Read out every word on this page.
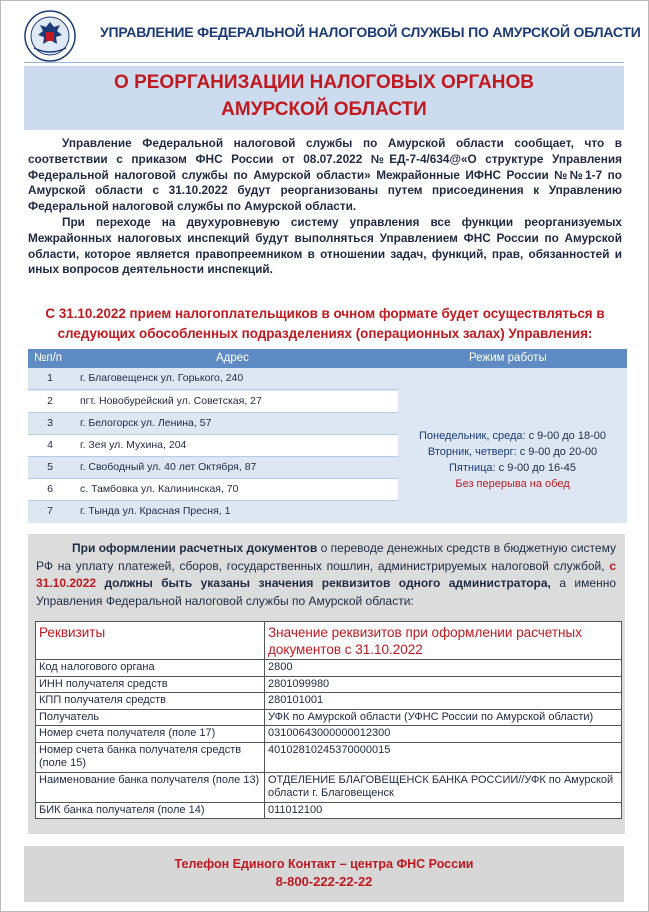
УПРАВЛЕНИЕ ФЕДЕРАЛЬНОЙ НАЛОГОВОЙ СЛУЖБЫ ПО АМУРСКОЙ ОБЛАСТИ
О РЕОРГАНИЗАЦИИ НАЛОГОВЫХ ОРГАНОВ
АМУРСКОЙ ОБЛАСТИ

Управление Федеральной налоговой службы по Амурской области сообщает, что в соответствии с приказом ФНС России от 08.07.2022 №ЕД-7-4/634@«О структуре Управления Федеральной налоговой службы по Амурской области» Межрайонные ИФНС России №№1-7 по Амурской области с 31.10.2022 будут реорганизованы путем присоединения к Управлению Федеральной налоговой службы по Амурской области.

При переходе на двухуровневую систему управления все функции реорганизуемых Межрайонных налоговых инспекций будут выполняться Управлением ФНС России по Амурской области, которое является правопреемником в отношении задач, функций, прав, обязанностей и иных вопросов деятельности инспекций.

С 31.10.2022 прием налогоплательщиков в очном формате будет осуществляться в
следующих обособленных подразделениях (операционных залах) Управления:
№п/п	Адрес	Режим работы
1	г. Благовещенск ул. Горького, 240
2	пгт. Новобурейский ул. Советская, 27
3	г. Белогорск ул. Ленина, 57
4	г. Зея ул. Мухина, 204
5	г. Свободный ул. 40 лет Октября, 87
6	с. Тамбовка ул. Калининская, 70
7	г. Тында ул. Красная Пресня, 1
Понедельник, среда: с 9-00 до 18-00
Вторник, четверг: с 9-00 до 20-00
Пятница: с 9-00 до 16-45
Без перерыва на обед

При оформлении расчетных документов о переводе денежных средств в бюджетную систему РФ на уплату платежей, сборов, государственных пошлин, администрируемых налоговой службой, с 31.10.2022 должны быть указаны значения реквизитов одного администратора, а именно Управления Федеральной налоговой службы по Амурской области:

Реквизиты	Значение реквизитов при оформлении расчетных документов с 31.10.2022
Код налогового органа	2800
ИНН получателя средств	2801099980
КПП получателя средств	280101001
Получатель	УФК по Амурской области (УФНС России по Амурской области)
Номер счета получателя (поле 17)	03100643000000012300
Номер счета банка получателя средств (поле 15)	40102810245370000015
Наименование банка получателя (поле 13)	ОТДЕЛЕНИЕ БЛАГОВЕЩЕНСК БАНКА РОССИИ//УФК по Амурской области г. Благовещенск
БИК банка получателя (поле 14)	011012100
Телефон Единого Контакт – центра ФНС России
8-800-222-22-22
